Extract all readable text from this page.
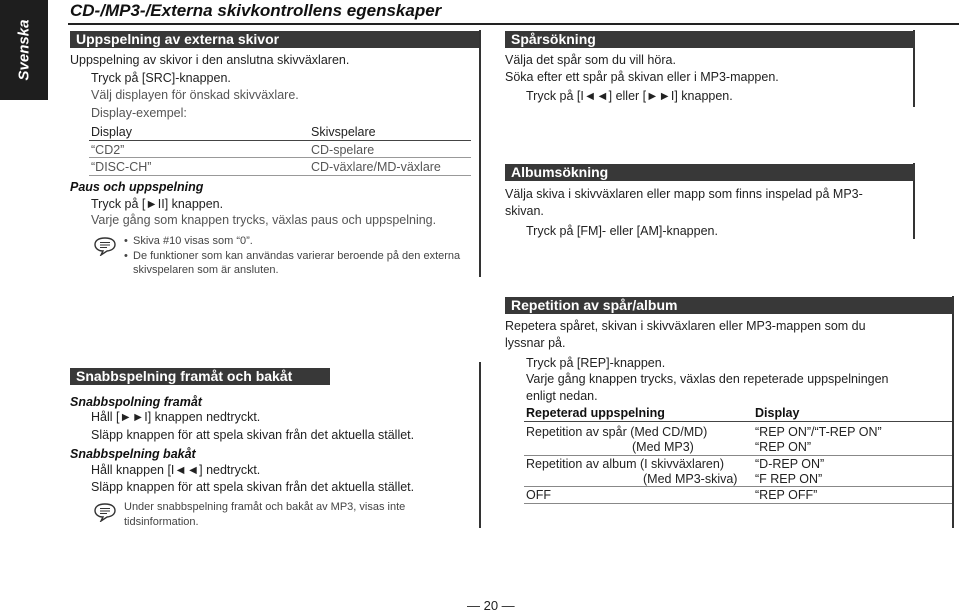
Svenska
CD-/MP3-/Externa skivkontrollens egenskaper
Uppspelning av externa skivor
Uppspelning av skivor i den anslutna skivväxlaren.
Tryck på [SRC]-knappen.
Välj displayen för önskad skivväxlare.
Display-exempel:
Display	Skivspelare
“CD2”	CD-spelare
“DISC-CH”	CD-växlare/MD-växlare
Paus och uppspelning
Tryck på [►II] knappen.
Varje gång som knappen trycks, växlas paus och uppspelning.
• Skiva #10 visas som “0”.
• De funktioner som kan användas varierar beroende på den externa
skivspelaren som är ansluten.
Snabbspelning framåt och bakåt
Snabbspolning framåt
Håll [►►I] knappen nedtryckt.
Släpp knappen för att spela skivan från det aktuella stället.
Snabbspelning bakåt
Håll knappen [I◄◄] nedtryckt.
Släpp knappen för att spela skivan från det aktuella stället.
Under snabbspelning framåt och bakåt av MP3, visas inte
tidsinformation.
Spårsökning
Välja det spår som du vill höra.
Söka efter ett spår på skivan eller i MP3-mappen.
Tryck på [I◄◄] eller [►►I] knappen.
Albumsökning
Välja skiva i skivväxlaren eller mapp som finns inspelad på MP3-
skivan.
Tryck på [FM]- eller [AM]-knappen.
Repetition av spår/album
Repetera spåret, skivan i skivväxlaren eller MP3-mappen som du
lyssnar på.
Tryck på [REP]-knappen.
Varje gång knappen trycks, växlas den repeterade uppspelningen
enligt nedan.
Repeterad uppspelning	Display
Repetition av spår (Med CD/MD)	“REP ON”/“T-REP ON”
(Med MP3)	“REP ON”
Repetition av album (I skivväxlaren) “D-REP ON”
(Med MP3-skiva) “F REP ON”
OFF	“REP OFF”
— 20 —
